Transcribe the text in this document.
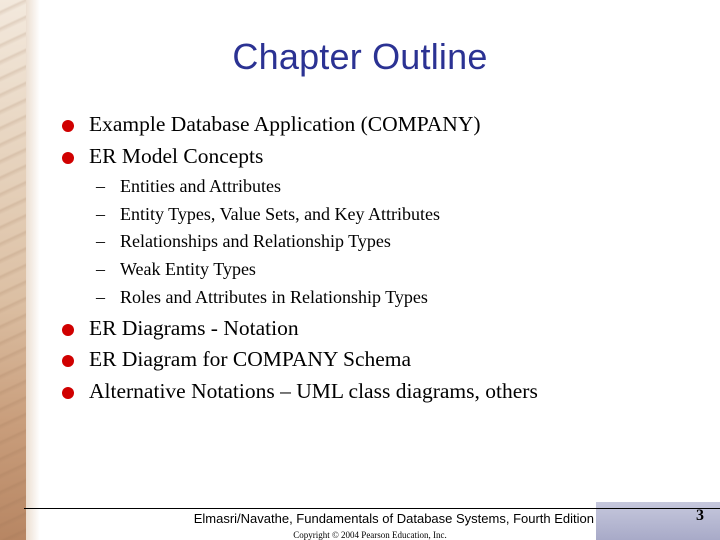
Chapter Outline
Example Database Application (COMPANY)
ER Model Concepts
– Entities and Attributes
– Entity Types, Value Sets, and Key Attributes
– Relationships and Relationship Types
– Weak Entity Types
– Roles and Attributes in Relationship Types
ER Diagrams - Notation
ER Diagram for COMPANY Schema
Alternative Notations – UML class diagrams, others
Elmasri/Navathe, Fundamentals of Database Systems, Fourth Edition
Copyright © 2004 Pearson Education, Inc.
3
